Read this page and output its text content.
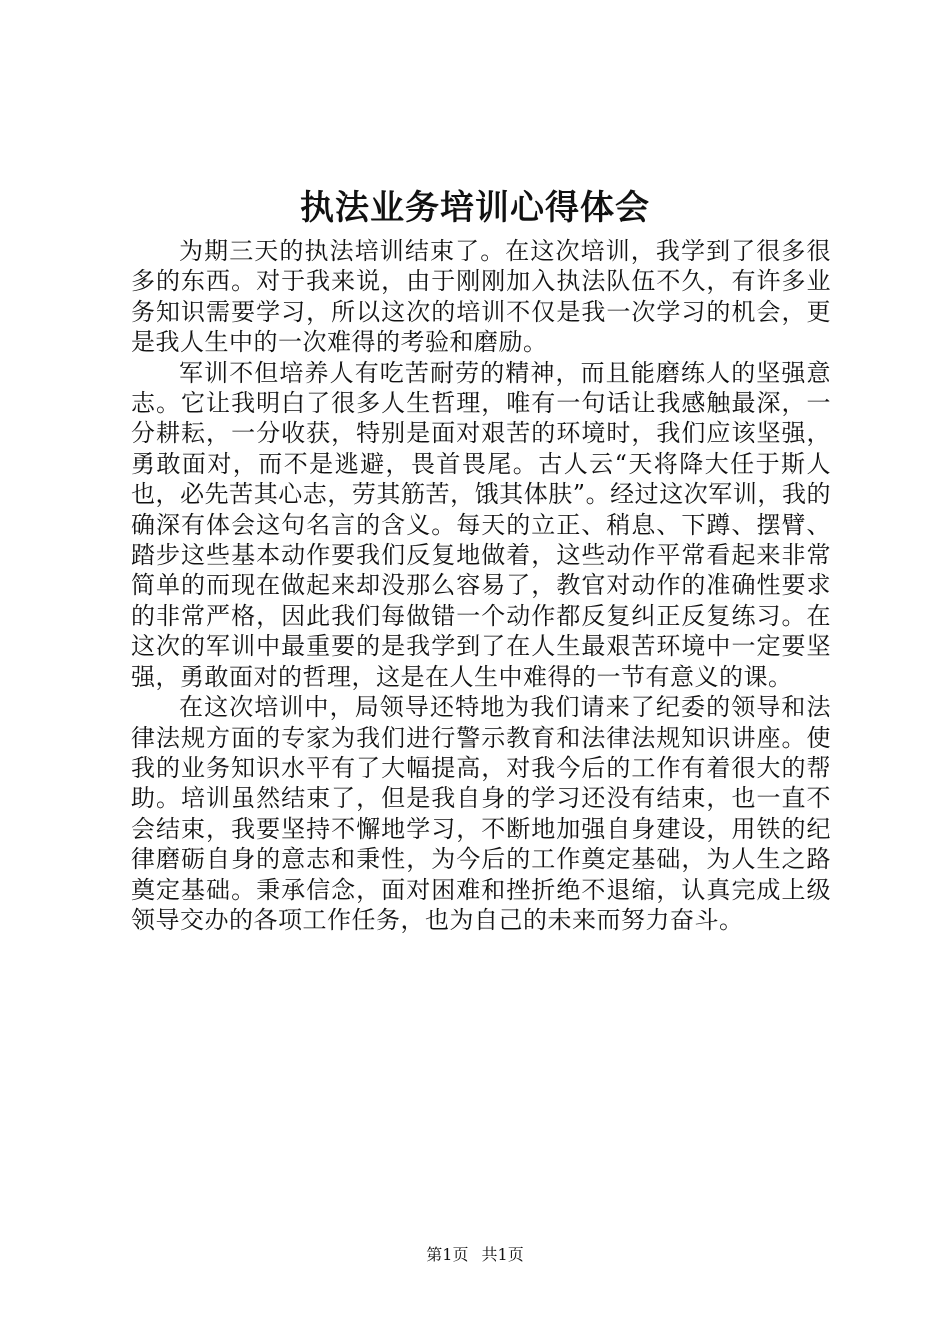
执法业务培训心得体会

为期三天的执法培训结束了。在这次培训，我学到了很多很多的东西。对于我来说，由于刚刚加入执法队伍不久，有许多业务知识需要学习，所以这次的培训不仅是我一次学习的机会，更是我人生中的一次难得的考验和磨励。

军训不但培养人有吃苦耐劳的精神，而且能磨练人的坚强意志。它让我明白了很多人生哲理，唯有一句话让我感触最深，一分耕耘，一分收获，特别是面对艰苦的环境时，我们应该坚强，勇敢面对，而不是逃避，畏首畏尾。古人云“天将降大任于斯人也，必先苦其心志，劳其筋苦，饿其体肤”。经过这次军训，我的确深有体会这句名言的含义。每天的立正、稍息、下蹲、摆臂、踏步这些基本动作要我们反复地做着，这些动作平常看起来非常简单的而现在做起来却没那么容易了，教官对动作的准确性要求的非常严格，因此我们每做错一个动作都反复纠正反复练习。在这次的军训中最重要的是我学到了在人生最艰苦环境中一定要坚强，勇敢面对的哲理，这是在人生中难得的一节有意义的课。

在这次培训中，局领导还特地为我们请来了纪委的领导和法律法规方面的专家为我们进行警示教育和法律法规知识讲座。使我的业务知识水平有了大幅提高，对我今后的工作有着很大的帮助。培训虽然结束了，但是我自身的学习还没有结束，也一直不会结束，我要坚持不懈地学习，不断地加强自身建设，用铁的纪律磨砺自身的意志和秉性，为今后的工作奠定基础，为人生之路奠定基础。秉承信念，面对困难和挫折绝不退缩，认真完成上级领导交办的各项工作任务，也为自己的未来而努力奋斗。

第1页 共1页
